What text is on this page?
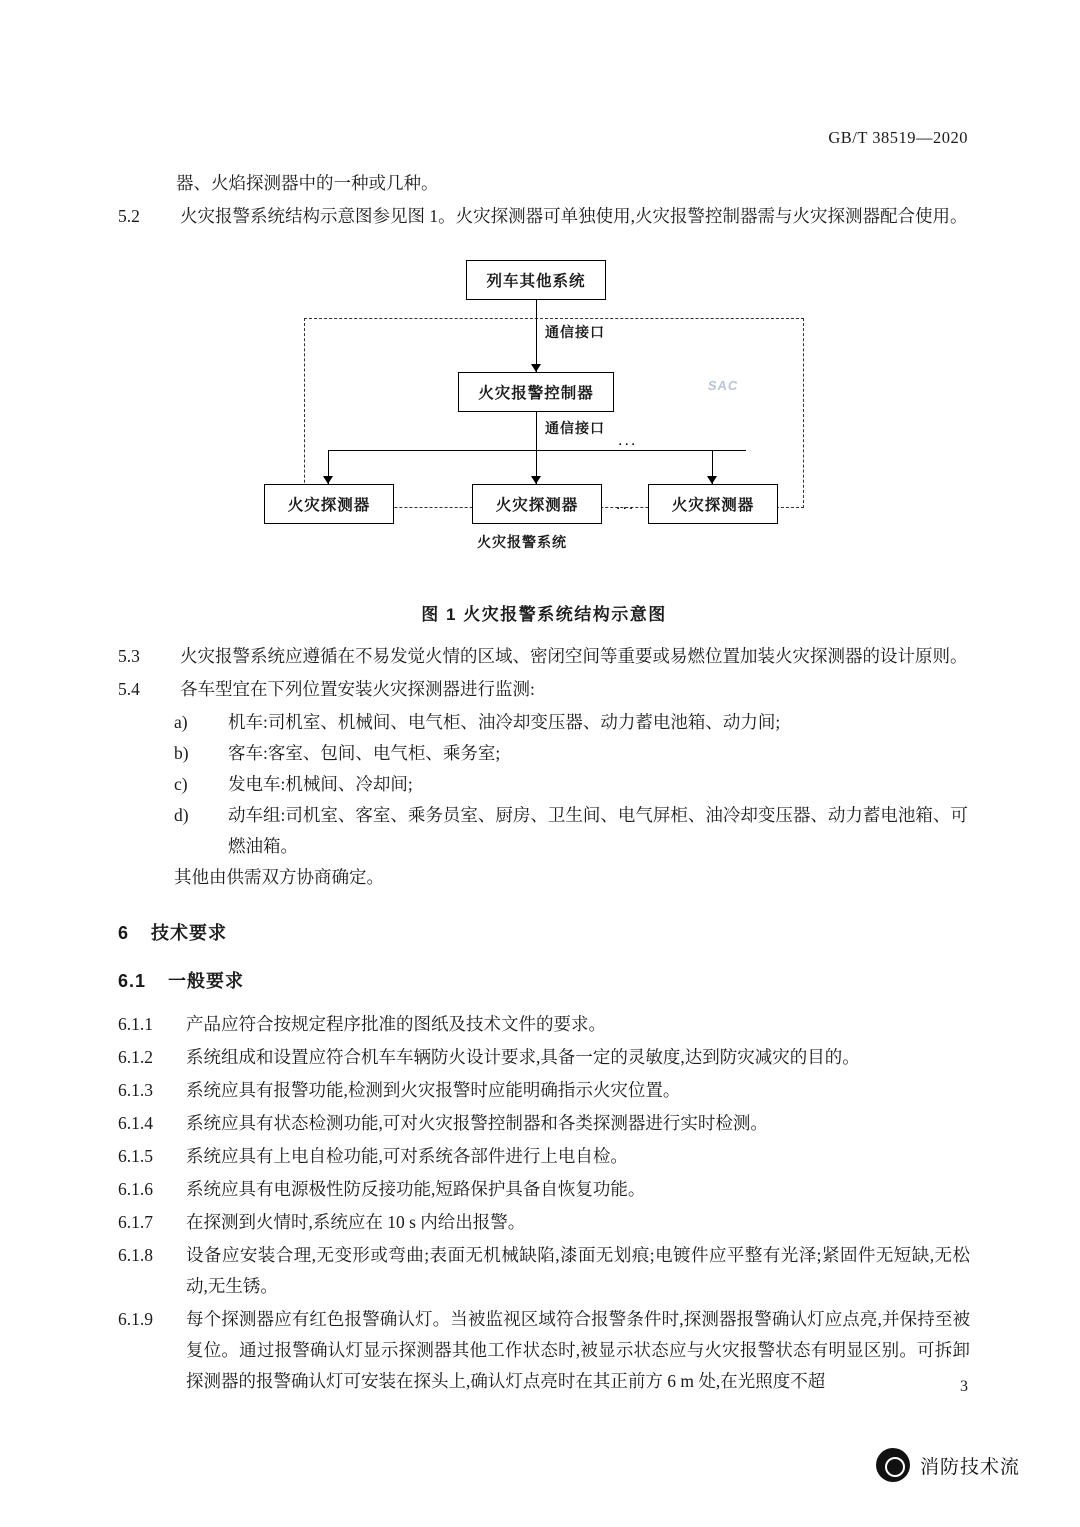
GB/T 38519—2020
器、火焰探测器中的一种或几种。
5.2 火灾报警系统结构示意图参见图 1。火灾探测器可单独使用,火灾报警控制器需与火灾探测器配合使用。
列车其他系统
通信接口
火灾报警控制器	SAC
通信接口
...
火灾探测器	火灾探测器	火灾探测器
...
火灾报警系统
图 1 火灾报警系统结构示意图
5.3 火灾报警系统应遵循在不易发觉火情的区域、密闭空间等重要或易燃位置加装火灾探测器的设计原则。
5.4 各车型宜在下列位置安装火灾探测器进行监测:
a) 机车:司机室、机械间、电气柜、油冷却变压器、动力蓄电池箱、动力间;
b) 客车:客室、包间、电气柜、乘务室;
c) 发电车:机械间、冷却间;
d) 动车组:司机室、客室、乘务员室、厨房、卫生间、电气屏柜、油冷却变压器、动力蓄电池箱、可燃油箱。
其他由供需双方协商确定。
6 技术要求
6.1 一般要求
6.1.1 产品应符合按规定程序批准的图纸及技术文件的要求。
6.1.2 系统组成和设置应符合机车车辆防火设计要求,具备一定的灵敏度,达到防灾减灾的目的。
6.1.3 系统应具有报警功能,检测到火灾报警时应能明确指示火灾位置。
6.1.4 系统应具有状态检测功能,可对火灾报警控制器和各类探测器进行实时检测。
6.1.5 系统应具有上电自检功能,可对系统各部件进行上电自检。
6.1.6 系统应具有电源极性防反接功能,短路保护具备自恢复功能。
6.1.7 在探测到火情时,系统应在 10 s 内给出报警。
6.1.8 设备应安装合理,无变形或弯曲;表面无机械缺陷,漆面无划痕;电镀件应平整有光泽;紧固件无短缺,无松动,无生锈。
6.1.9 每个探测器应有红色报警确认灯。当被监视区域符合报警条件时,探测器报警确认灯应点亮,并保持至被复位。通过报警确认灯显示探测器其他工作状态时,被显示状态应与火灾报警状态有明显区别。可拆卸探测器的报警确认灯可安装在探头上,确认灯点亮时在其正前方 6 m 处,在光照度不超	3
消防技术流
